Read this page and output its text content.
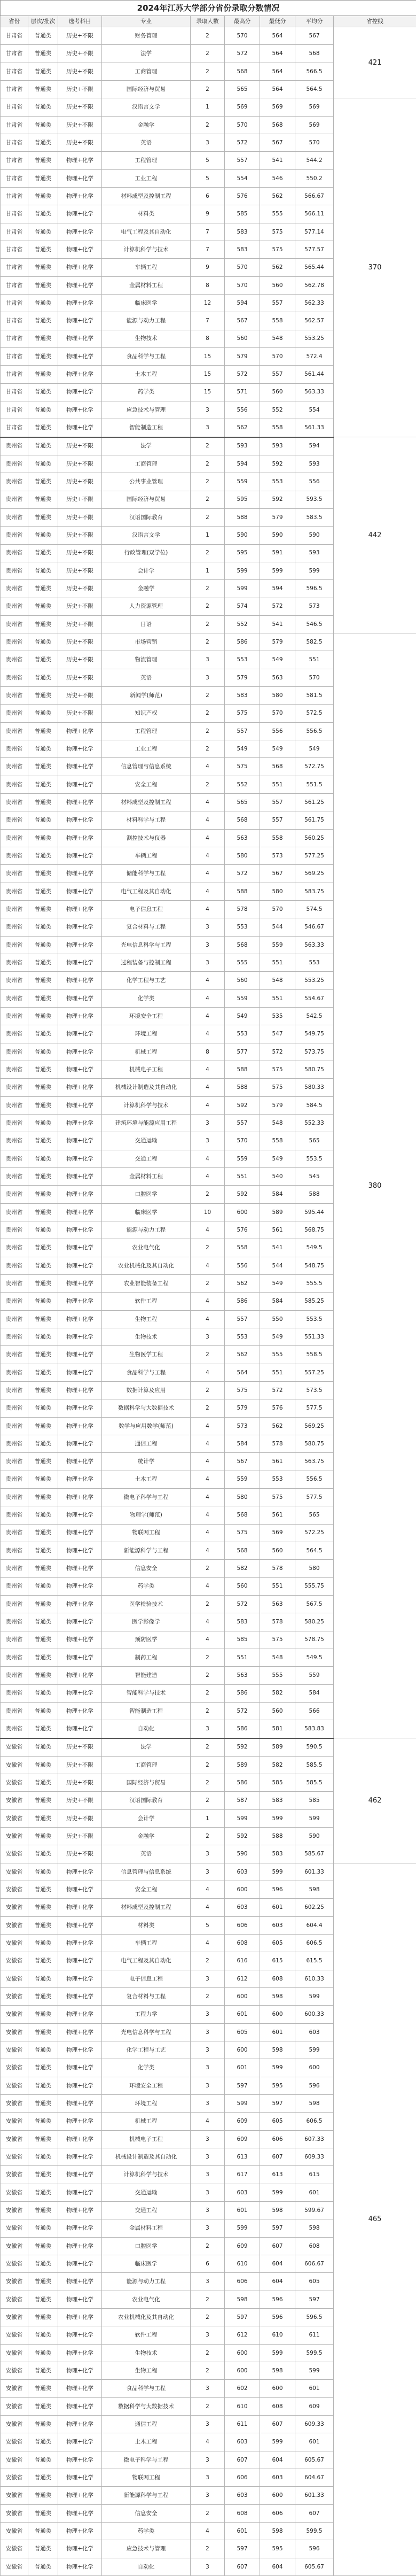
2024年江苏大学部分省份录取分数情况								
省份	层次/批次	选考科目	专业	录取人数	最高分	最低分	平均分	省控线
甘肃省	普通类	历史+不限	财务管理	2	570	564	567	421
甘肃省	普通类	历史+不限	法学	2	572	564	568	
甘肃省	普通类	历史+不限	工商管理	2	568	564	566.5	
甘肃省	普通类	历史+不限	国际经济与贸易	2	565	564	564.5	
甘肃省	普通类	历史+不限	汉语言文学	1	569	569	569	370
甘肃省	普通类	历史+不限	金融学	2	570	568	569	
甘肃省	普通类	历史+不限	英语	3	572	567	570	
甘肃省	普通类	物理+化学	工程管理	5	557	541	544.2	
甘肃省	普通类	物理+化学	工业工程	5	554	546	550.2	
甘肃省	普通类	物理+化学	材料成型及控制工程	6	576	562	566.67	
甘肃省	普通类	物理+化学	材料类	9	585	555	566.11	
甘肃省	普通类	物理+化学	电气工程及其自动化	7	583	575	577.14	
甘肃省	普通类	物理+化学	计算机科学与技术	7	583	575	577.57	
甘肃省	普通类	物理+化学	车辆工程	9	570	562	565.44	
甘肃省	普通类	物理+化学	金属材料工程	8	570	560	562.78	
甘肃省	普通类	物理+化学	临床医学	12	594	557	562.33	
甘肃省	普通类	物理+化学	能源与动力工程	7	567	558	562.57	
甘肃省	普通类	物理+化学	生物技术	8	560	548	553.25	
甘肃省	普通类	物理+化学	食品科学与工程	15	579	570	572.4	
甘肃省	普通类	物理+化学	土木工程	15	572	557	561.44	
甘肃省	普通类	物理+化学	药学类	15	571	560	563.33	
甘肃省	普通类	物理+化学	应急技术与管理	3	556	552	554	
甘肃省	普通类	物理+化学	智能制造工程	3	562	558	561.33	
贵州省	普通类	历史+不限	法学	2	593	593	594	442
贵州省	普通类	历史+不限	工商管理	2	594	592	593	
贵州省	普通类	历史+不限	公共事业管理	2	559	553	556	
贵州省	普通类	历史+不限	国际经济与贸易	2	595	592	593.5	
贵州省	普通类	历史+不限	汉语国际教育	2	588	579	583.5	
贵州省	普通类	历史+不限	汉语言文学	1	590	590	590	
贵州省	普通类	历史+不限	行政管理(双学位)	2	595	591	593	
贵州省	普通类	历史+不限	会计学	1	599	599	599	
贵州省	普通类	历史+不限	金融学	2	599	594	596.5	
贵州省	普通类	历史+不限	人力资源管理	2	574	572	573	
贵州省	普通类	历史+不限	日语	2	552	541	546.5	
贵州省	普通类	历史+不限	市场营销	2	586	579	582.5	380
贵州省	普通类	历史+不限	物流管理	3	553	549	551	
贵州省	普通类	历史+不限	英语	3	579	563	570	
贵州省	普通类	历史+不限	新闻学(师范)	2	583	580	581.5	
贵州省	普通类	历史+不限	知识产权	2	575	570	572.5	
贵州省	普通类	物理+化学	工程管理	2	557	556	556.5	
贵州省	普通类	物理+化学	工业工程	2	549	549	549	
贵州省	普通类	物理+化学	信息管理与信息系统	4	575	568	572.75	
贵州省	普通类	物理+化学	安全工程	2	552	551	551.5	
贵州省	普通类	物理+化学	材料成型及控制工程	4	565	557	561.25	
贵州省	普通类	物理+化学	材料科学与工程	4	568	557	561.75	
贵州省	普通类	物理+化学	测控技术与仪器	4	563	558	560.25	
贵州省	普通类	物理+化学	车辆工程	4	580	573	577.25	
贵州省	普通类	物理+化学	储能科学与工程	4	572	567	569.25	
贵州省	普通类	物理+化学	电气工程及其自动化	4	588	580	583.75	
贵州省	普通类	物理+化学	电子信息工程	4	578	570	574.5	
贵州省	普通类	物理+化学	复合材料与工程	3	553	544	546.67	
贵州省	普通类	物理+化学	光电信息科学与工程	3	568	559	563.33	
贵州省	普通类	物理+化学	过程装备与控制工程	3	555	551	553	
贵州省	普通类	物理+化学	化学工程与工艺	4	560	548	553.25	
贵州省	普通类	物理+化学	化学类	4	559	551	554.67	
贵州省	普通类	物理+化学	环境安全工程	4	549	535	542.5	
贵州省	普通类	物理+化学	环境工程	4	553	547	549.75	
贵州省	普通类	物理+化学	机械工程	8	577	572	573.75	
贵州省	普通类	物理+化学	机械电子工程	4	588	575	580.75	
贵州省	普通类	物理+化学	机械设计制造及其自动化	4	588	575	580.33	
贵州省	普通类	物理+化学	计算机科学与技术	4	592	579	584.5	
贵州省	普通类	物理+化学	建筑环境与能源应用工程	3	557	548	552.33	
贵州省	普通类	物理+化学	交通运输	3	570	558	565	
贵州省	普通类	物理+化学	交通工程	4	559	549	553.5	
贵州省	普通类	物理+化学	金属材料工程	4	551	540	545	
贵州省	普通类	物理+化学	口腔医学	2	592	584	588	
贵州省	普通类	物理+化学	临床医学	10	600	589	595.44	
贵州省	普通类	物理+化学	能源与动力工程	4	576	561	568.75	
贵州省	普通类	物理+化学	农业电气化	2	558	541	549.5	
贵州省	普通类	物理+化学	农业机械化及其自动化	4	556	544	548.75	
贵州省	普通类	物理+化学	农业智能装备工程	2	562	549	555.5	
贵州省	普通类	物理+化学	软件工程	4	586	584	585.25	
贵州省	普通类	物理+化学	生物工程	4	557	550	553.5	
贵州省	普通类	物理+化学	生物技术	3	553	549	551.33	
贵州省	普通类	物理+化学	生物医学工程	2	562	555	558.5	
贵州省	普通类	物理+化学	食品科学与工程	4	564	551	557.25	
贵州省	普通类	物理+化学	数据计算及应用	2	575	572	573.5	
贵州省	普通类	物理+化学	数据科学与大数据技术	2	579	576	577.5	
贵州省	普通类	物理+化学	数学与应用数学(师范)	4	573	562	569.25	
贵州省	普通类	物理+化学	通信工程	4	584	578	580.75	
贵州省	普通类	物理+化学	统计学	4	567	561	563.75	
贵州省	普通类	物理+化学	土木工程	4	559	553	556.5	
贵州省	普通类	物理+化学	微电子科学与工程	4	580	575	577.5	
贵州省	普通类	物理+化学	物理学(师范)	4	568	561	565	
贵州省	普通类	物理+化学	物联网工程	4	575	569	572.25	
贵州省	普通类	物理+化学	新能源科学与工程	4	568	560	564.5	
贵州省	普通类	物理+化学	信息安全	2	582	578	580	
贵州省	普通类	物理+化学	药学类	4	560	551	555.75	
贵州省	普通类	物理+化学	医学检验技术	2	572	563	567.5	
贵州省	普通类	物理+化学	医学影像学	4	583	578	580.25	
贵州省	普通类	物理+化学	预防医学	4	585	575	578.75	
贵州省	普通类	物理+化学	制药工程	2	551	548	549.5	
贵州省	普通类	物理+化学	智能建造	2	563	555	559	
贵州省	普通类	物理+化学	智能科学与技术	2	586	582	584	
贵州省	普通类	物理+化学	智能制造工程	2	572	560	566	
贵州省	普通类	物理+化学	自动化	3	586	581	583.83	
安徽省	普通类	历史+不限	法学	2	592	589	590.5	462
安徽省	普通类	历史+不限	工商管理	2	589	582	585.5	
安徽省	普通类	历史+不限	国际经济与贸易	2	586	585	585.5	
安徽省	普通类	历史+不限	汉语国际教育	2	587	583	585	
安徽省	普通类	历史+不限	会计学	1	599	599	599	
安徽省	普通类	历史+不限	金融学	2	592	588	590	
安徽省	普通类	历史+不限	英语	3	590	583	585.67	
安徽省	普通类	物理+化学	信息管理与信息系统	3	603	599	601.33	465
安徽省	普通类	物理+化学	安全工程	4	600	596	598	
安徽省	普通类	物理+化学	材料成型及控制工程	4	603	601	602.25	
安徽省	普通类	物理+化学	材料类	5	606	603	604.4	
安徽省	普通类	物理+化学	车辆工程	4	608	605	606.5	
安徽省	普通类	物理+化学	电气工程及其自动化	2	616	615	615.5	
安徽省	普通类	物理+化学	电子信息工程	3	612	608	610.33	
安徽省	普通类	物理+化学	复合材料与工程	2	600	598	599	
安徽省	普通类	物理+化学	工程力学	3	601	600	600.33	
安徽省	普通类	物理+化学	光电信息科学与工程	3	605	601	603	
安徽省	普通类	物理+化学	化学工程与工艺	3	600	598	599	
安徽省	普通类	物理+化学	化学类	3	601	599	600	
安徽省	普通类	物理+化学	环境安全工程	3	597	595	596	
安徽省	普通类	物理+化学	环境工程	3	599	597	598	
安徽省	普通类	物理+化学	机械工程	4	609	605	606.5	
安徽省	普通类	物理+化学	机械电子工程	3	609	606	607.33	
安徽省	普通类	物理+化学	机械设计制造及其自动化	3	613	607	609.33	
安徽省	普通类	物理+化学	计算机科学与技术	3	617	613	615	
安徽省	普通类	物理+化学	交通运输	3	603	599	601	
安徽省	普通类	物理+化学	交通工程	3	601	598	599.67	
安徽省	普通类	物理+化学	金属材料工程	3	599	597	598	
安徽省	普通类	物理+化学	口腔医学	2	609	607	608	
安徽省	普通类	物理+化学	临床医学	6	610	604	606.67	
安徽省	普通类	物理+化学	能源与动力工程	3	606	604	605	
安徽省	普通类	物理+化学	农业电气化	2	598	596	597	
安徽省	普通类	物理+化学	农业机械化及其自动化	2	597	596	596.5	
安徽省	普通类	物理+化学	软件工程	3	612	610	611	
安徽省	普通类	物理+化学	生物技术	2	600	599	599.5	
安徽省	普通类	物理+化学	生物工程	2	600	598	599	
安徽省	普通类	物理+化学	食品科学与工程	3	602	600	601	
安徽省	普通类	物理+化学	数据科学与大数据技术	2	610	608	609	
安徽省	普通类	物理+化学	通信工程	3	611	607	609.33	
安徽省	普通类	物理+化学	土木工程	4	603	599	601	
安徽省	普通类	物理+化学	微电子科学与工程	3	607	604	605.67	
安徽省	普通类	物理+化学	物联网工程	3	606	603	604.67	
安徽省	普通类	物理+化学	新能源科学与工程	3	603	600	601.33	
安徽省	普通类	物理+化学	信息安全	2	608	606	607	
安徽省	普通类	物理+化学	药学类	4	601	598	599.5	
安徽省	普通类	物理+化学	应急技术与管理	2	597	595	596	
安徽省	普通类	物理+化学	自动化	3	607	604	605.67	
